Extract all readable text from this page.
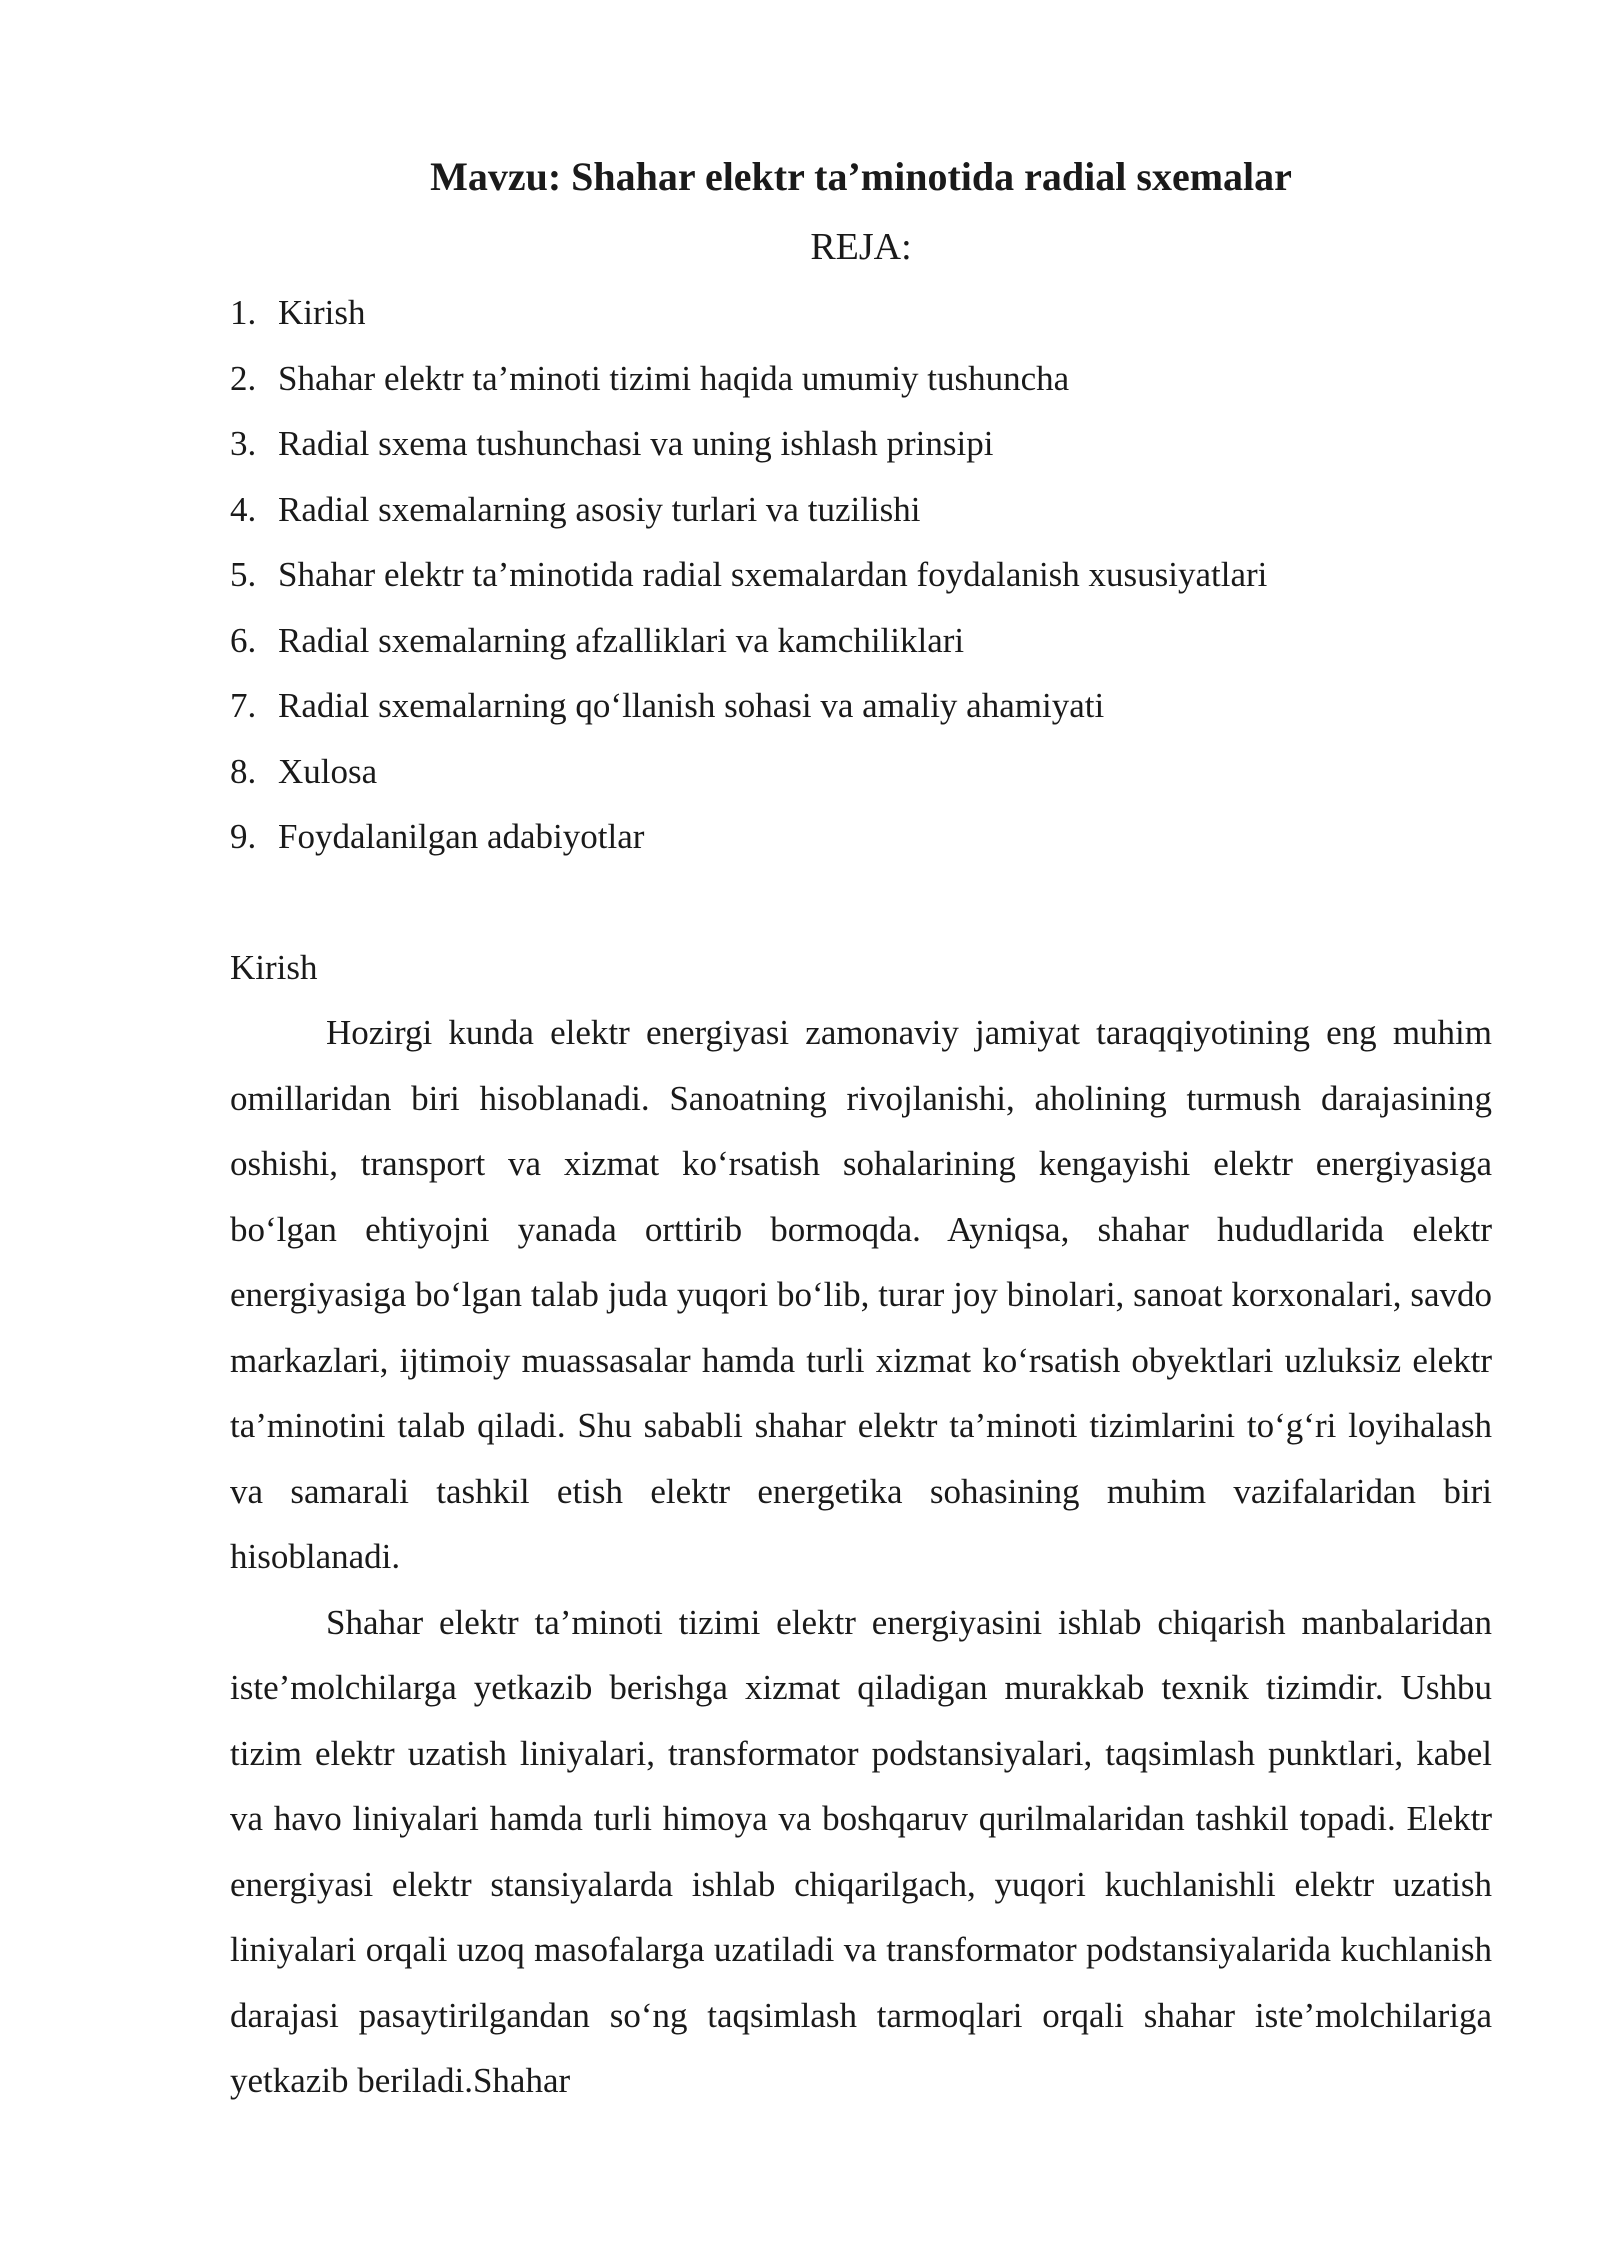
Mavzu: Shahar elektr ta’minotida radial sxemalar
REJA:
1. Kirish
2. Shahar elektr ta’minoti tizimi haqida umumiy tushuncha
3. Radial sxema tushunchasi va uning ishlash prinsipi
4. Radial sxemalarning asosiy turlari va tuzilishi
5. Shahar elektr ta’minotida radial sxemalardan foydalanish xususiyatlari
6. Radial sxemalarning afzalliklari va kamchiliklari
7. Radial sxemalarning qo‘llanish sohasi va amaliy ahamiyati
8. Xulosa
9. Foydalanilgan adabiyotlar
Kirish

Hozirgi kunda elektr energiyasi zamonaviy jamiyat taraqqiyotining eng muhim omillaridan biri hisoblanadi. Sanoatning rivojlanishi, aholining turmush darajasining oshishi, transport va xizmat ko‘rsatish sohalarining kengayishi elektr energiyasiga bo‘lgan ehtiyojni yanada orttirib bormoqda. Ayniqsa, shahar hududlarida elektr energiyasiga bo‘lgan talab juda yuqori bo‘lib, turar joy binolari, sanoat korxonalari, savdo markazlari, ijtimoiy muassasalar hamda turli xizmat ko‘rsatish obyektlari uzluksiz elektr ta’minotini talab qiladi. Shu sababli shahar elektr ta’minoti tizimlarini to‘g‘ri loyihalash va samarali tashkil etish elektr energetika sohasining muhim vazifalaridan biri hisoblanadi.

Shahar elektr ta’minoti tizimi elektr energiyasini ishlab chiqarish manbalaridan iste’molchilarga yetkazib berishga xizmat qiladigan murakkab texnik tizimdir. Ushbu tizim elektr uzatish liniyalari, transformator podstansiyalari, taqsimlash punktlari, kabel va havo liniyalari hamda turli himoya va boshqaruv qurilmalaridan tashkil topadi. Elektr energiyasi elektr stansiyalarda ishlab chiqarilgach, yuqori kuchlanishli elektr uzatish liniyalari orqali uzoq masofalarga uzatiladi va transformator podstansiyalarida kuchlanish darajasi pasaytirilgandan so‘ng taqsimlash tarmoqlari orqali shahar iste’molchilariga yetkazib beriladi.Shahar
